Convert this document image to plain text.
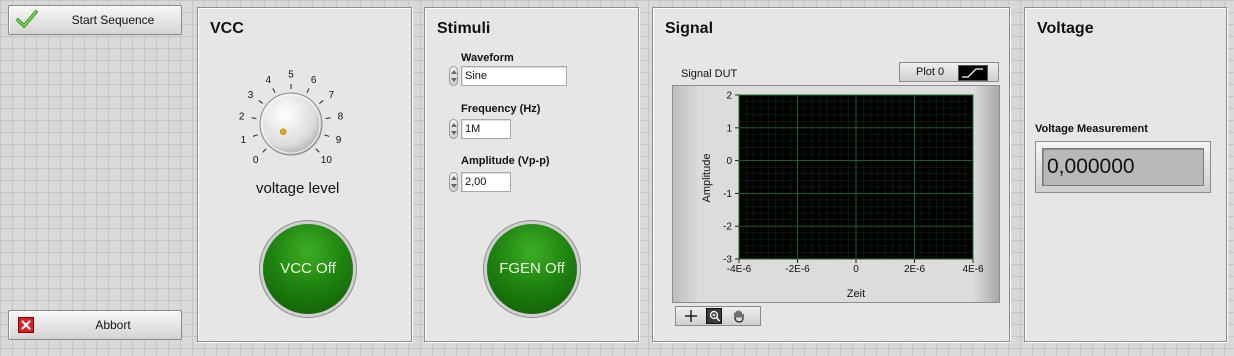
Start Sequence
Abbort
VCC
0
1
2
3
4 5 6
7
8
9
10
voltage level
VCC Off
Stimuli
Waveform
Sine
Frequency (Hz)
1M
Amplitude (Vp-p)
2,00
FGEN Off
Signal
Signal DUT	Plot 0
2
1
0
-1
-2
-3
-4E-6	-2E-6	0	2E-6	4E-6
Amplitude
Zeit
Voltage
Voltage Measurement
0,000000
